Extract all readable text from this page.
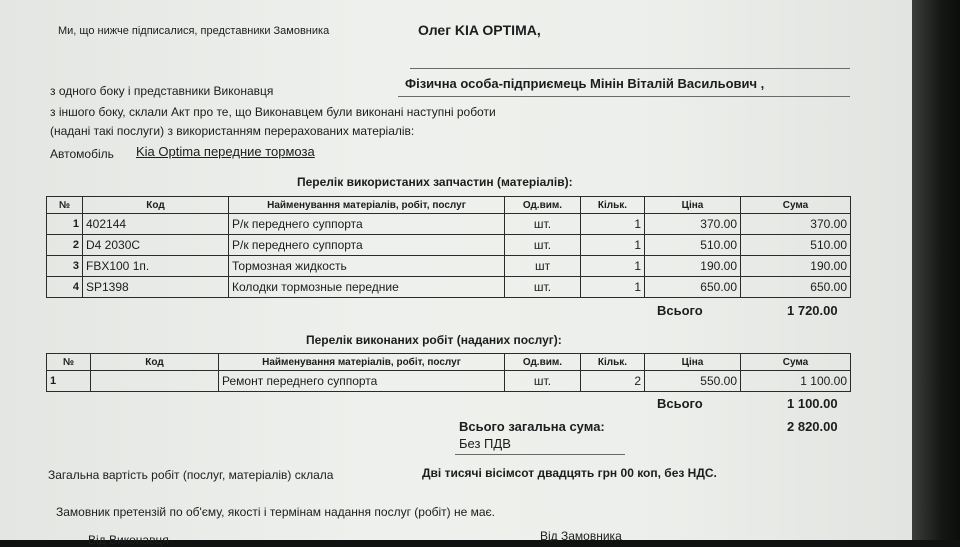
Ми, що нижче підписалися, представники Замовника	Олег KIA OPTIMA,
з одного боку і представники Виконавця	Фізична особа-підприємець Мінін Віталій Васильович ,
з іншого боку, склали Акт про те, що Виконавцем були виконані наступні роботи
(надані такі послуги) з використанням перерахованих матеріалів:
Автомобіль Kia Optima передние тормоза
Перелік використаних запчастин (матеріалів):
№	Код	Найменування матеріалів, робіт, послуг	Од.вим.	Кільк.	Ціна	Сума
1	402144	Р/к переднего суппорта	шт.	1	370.00	370.00
2	D4 2030C	Р/к переднего суппорта	шт.	1	510.00	510.00
3	FBX100 1п.	Тормозная жидкость	шт	1	190.00	190.00
4	SP1398	Колодки тормозные передние	шт.	1	650.00	650.00
Всього	1 720.00
Перелік виконаних робіт (наданих послуг):
№	Код	Найменування матеріалів, робіт, послуг	Од.вим.	Кільк.	Ціна	Сума
1		Ремонт переднего суппорта	шт.	2	550.00	1 100.00
Всього	1 100.00
Всього загальна сума:	2 820.00
Без ПДВ
Загальна вартість робіт (послуг, матеріалів) склала	Дві тисячі вісімсот двадцять грн 00 коп, без НДС.
Замовник претензій по об'єму, якості і термінам надання послуг (робіт) не має.
Від Виконавця	Від Замовника
